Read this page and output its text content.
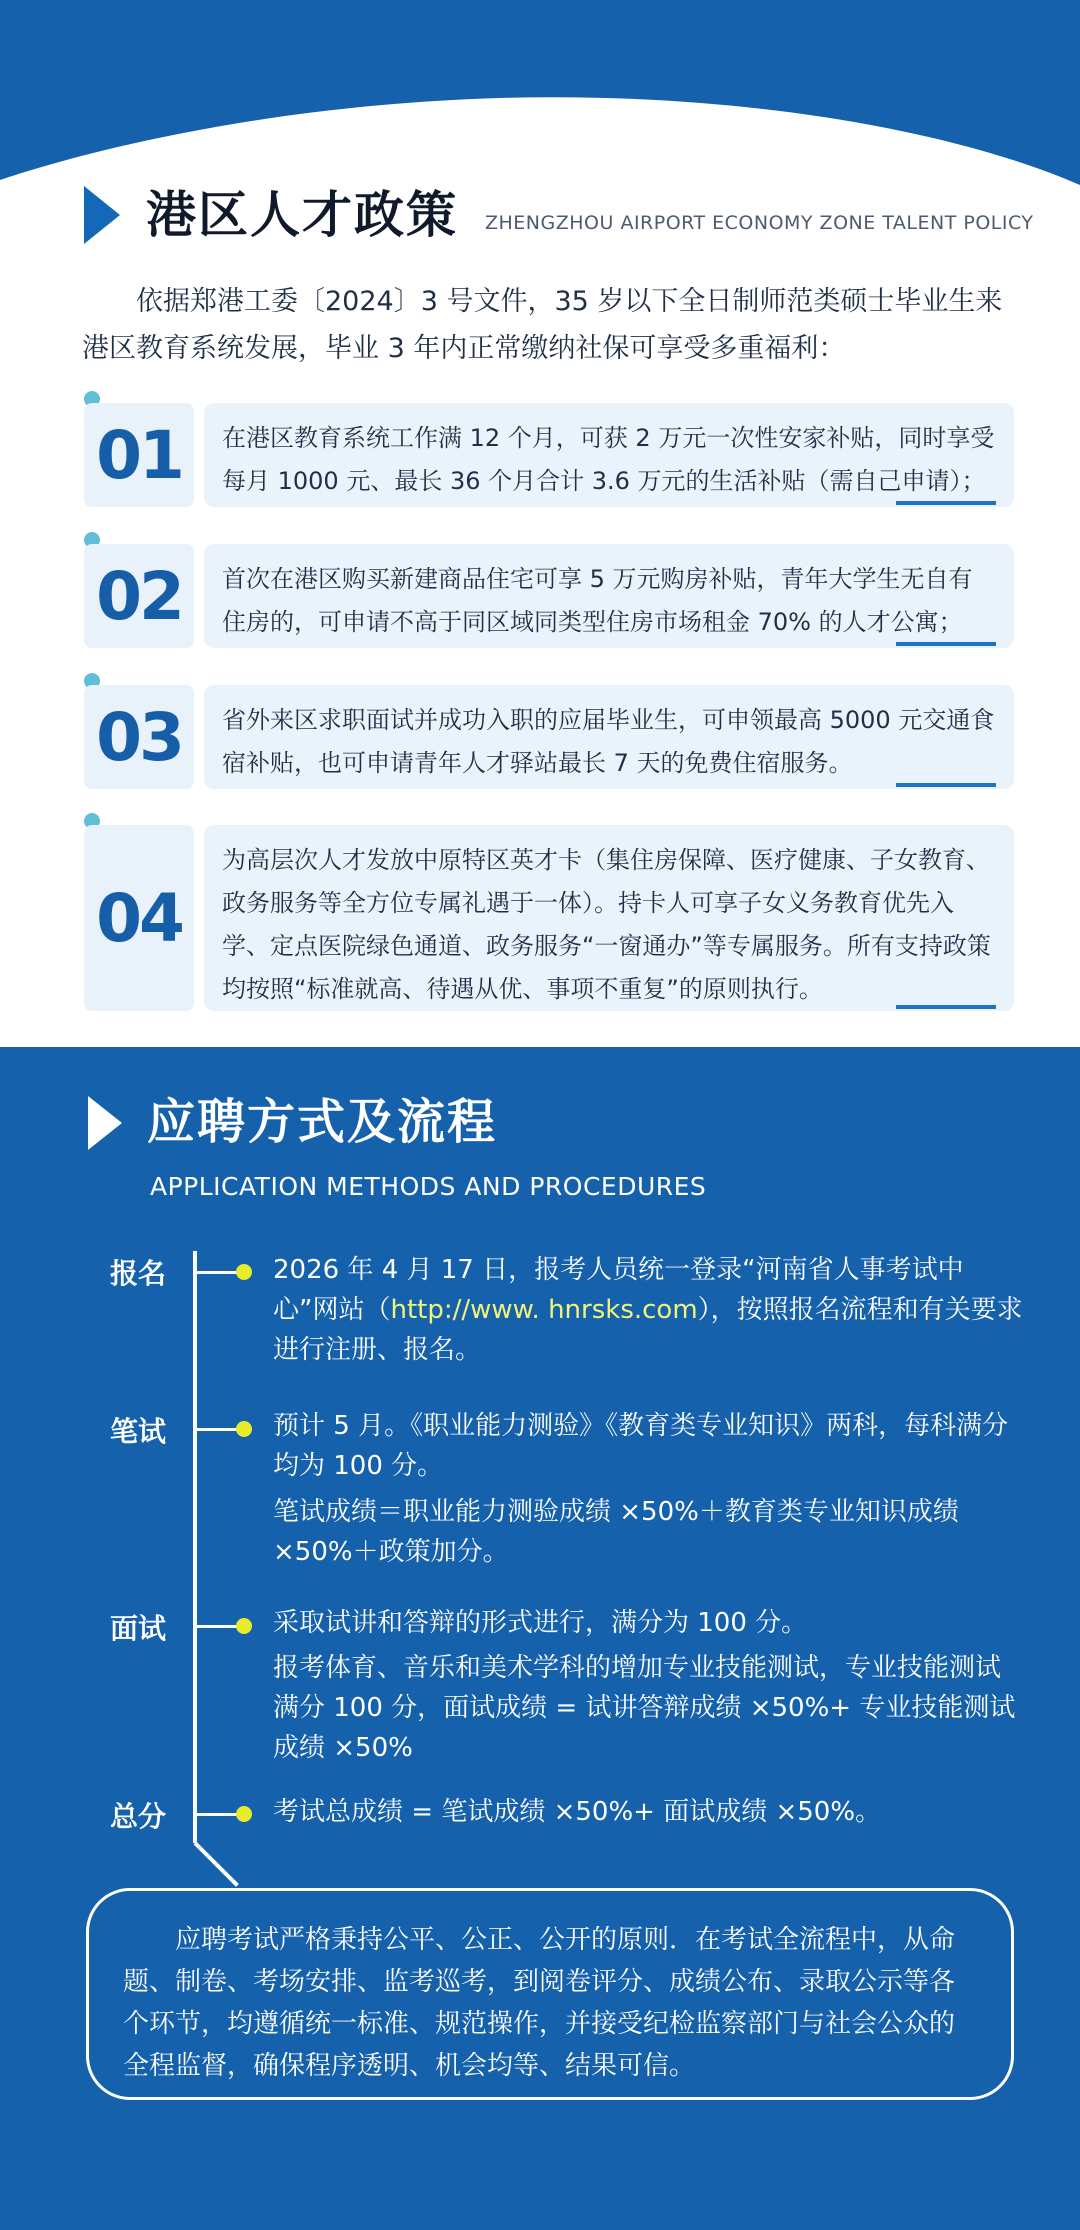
港区人才政策 ZHENGZHOU AIRPORT ECONOMY ZONE TALENT POLICY

依据郑港工委〔2024〕3 号文件，35 岁以下全日制师范类硕士毕业生来港区教育系统发展，毕业 3 年内正常缴纳社保可享受多重福利：

01	在港区教育系统工作满 12 个月，可获 2 万元一次性安家补贴，同时享受每月 1000 元、最长 36 个月合计 3.6 万元的生活补贴（需自己申请）；
02	首次在港区购买新建商品住宅可享 5 万元购房补贴，青年大学生无自有住房的，可申请不高于同区域同类型住房市场租金 70% 的人才公寓；
03	省外来区求职面试并成功入职的应届毕业生，可申领最高 5000 元交通食宿补贴，也可申请青年人才驿站最长 7 天的免费住宿服务。
04
为高层次人才发放中原特区英才卡（集住房保障、医疗健康、子女教育、政务服务等全方位专属礼遇于一体）。持卡人可享子女义务教育优先入学、定点医院绿色通道、政务服务“一窗通办”等专属服务。所有支持政策均按照“标准就高、待遇从优、事项不重复”的原则执行。
应聘方式及流程
APPLICATION METHODS AND PROCEDURES
报名	2026 年 4 月 17 日，报考人员统一登录“河南省人事考试中心”网站（http://www. hnrsks.com），按照报名流程和有关要求进行注册、报名。
笔试	预计 5 月。《职业能力测验》《教育类专业知识》两科，每科满分均为 100 分。
笔试成绩＝职业能力测验成绩 ×50%＋教育类专业知识成绩 ×50%＋政策加分。
面试	采取试讲和答辩的形式进行，满分为 100 分。
报考体育、音乐和美术学科的增加专业技能测试，专业技能测试满分 100 分，面试成绩 = 试讲答辩成绩 ×50%+ 专业技能测试成绩 ×50%
总分	考试总成绩 = 笔试成绩 ×50%+ 面试成绩 ×50%。

应聘考试严格秉持公平、公正、公开的原则．在考试全流程中，从命题、制卷、考场安排、监考巡考，到阅卷评分、成绩公布、录取公示等各个环节，均遵循统一标准、规范操作，并接受纪检监察部门与社会公众的全程监督，确保程序透明、机会均等、结果可信。
